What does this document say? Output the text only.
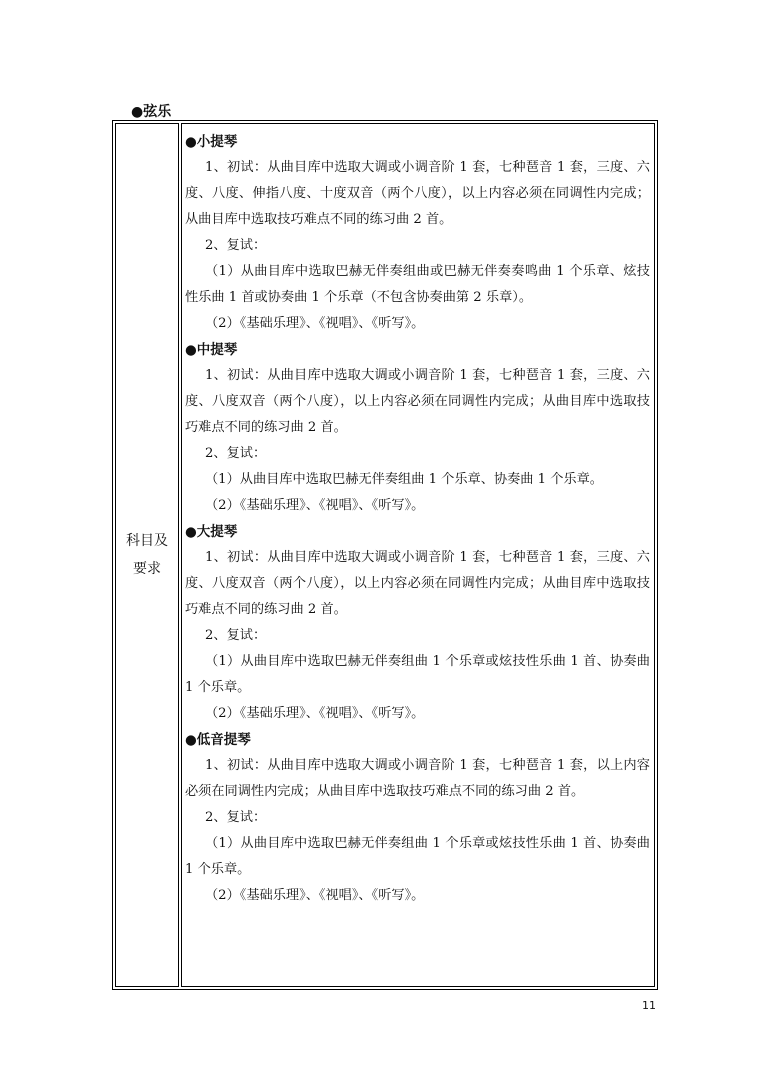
●弦乐

科目及
要求

●小提琴

1、初试：从曲目库中选取大调或小调音阶 1 套，七种琶音 1 套，三度、六度、八度、伸指八度、十度双音（两个八度），以上内容必须在同调性内完成；从曲目库中选取技巧难点不同的练习曲 2 首。

2、复试：

（1）从曲目库中选取巴赫无伴奏组曲或巴赫无伴奏奏鸣曲 1 个乐章、炫技性乐曲 1 首或协奏曲 1 个乐章（不包含协奏曲第 2 乐章）。

（2）《基础乐理》、《视唱》、《听写》。

●中提琴

1、初试：从曲目库中选取大调或小调音阶 1 套，七种琶音 1 套，三度、六度、八度双音（两个八度），以上内容必须在同调性内完成；从曲目库中选取技巧难点不同的练习曲 2 首。

2、复试：

（1）从曲目库中选取巴赫无伴奏组曲 1 个乐章、协奏曲 1 个乐章。

（2）《基础乐理》、《视唱》、《听写》。

●大提琴

1、初试：从曲目库中选取大调或小调音阶 1 套，七种琶音 1 套，三度、六度、八度双音（两个八度），以上内容必须在同调性内完成；从曲目库中选取技巧难点不同的练习曲 2 首。

2、复试：

（1）从曲目库中选取巴赫无伴奏组曲 1 个乐章或炫技性乐曲 1 首、协奏曲 1 个乐章。

（2）《基础乐理》、《视唱》、《听写》。

●低音提琴

1、初试：从曲目库中选取大调或小调音阶 1 套，七种琶音 1 套，以上内容必须在同调性内完成；从曲目库中选取技巧难点不同的练习曲 2 首。

2、复试：

（1）从曲目库中选取巴赫无伴奏组曲 1 个乐章或炫技性乐曲 1 首、协奏曲 1 个乐章。

（2）《基础乐理》、《视唱》、《听写》。

11
